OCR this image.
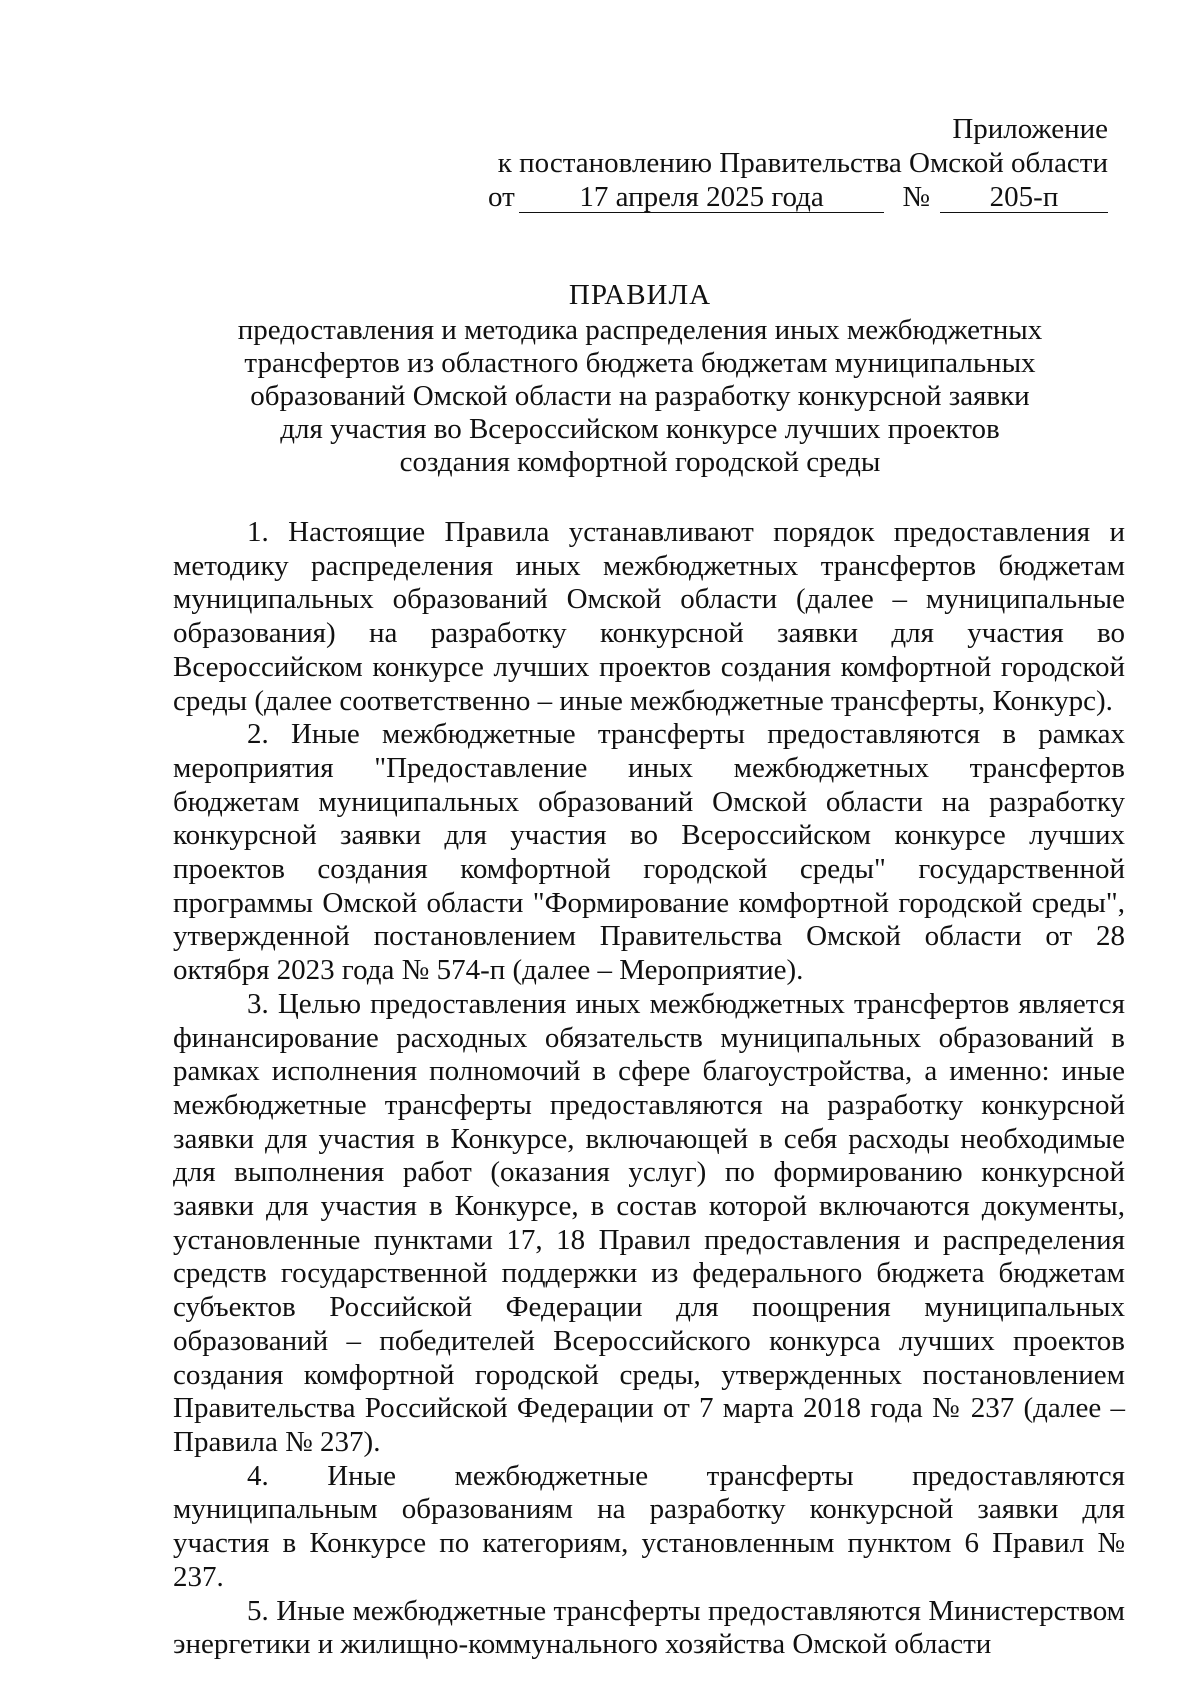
Приложение
к постановлению Правительства Омской области
от	17 апреля 2025 года	№	205-п
ПРАВИЛА
предоставления и методика распределения иных межбюджетных
трансфертов из областного бюджета бюджетам муниципальных
образований Омской области на разработку конкурсной заявки
для участия во Всероссийском конкурсе лучших проектов
создания комфортной городской среды

1. Настоящие Правила устанавливают порядок предоставления и методику распределения иных межбюджетных трансфертов бюджетам муниципальных образований Омской области (далее – муниципальные образования) на разработку конкурсной заявки для участия во Всероссийском конкурсе лучших проектов создания комфортной городской среды (далее соответственно – иные межбюджетные трансферты, Конкурс).

2. Иные межбюджетные трансферты предоставляются в рамках мероприятия "Предоставление иных межбюджетных трансфертов бюджетам муниципальных образований Омской области на разработку конкурсной заявки для участия во Всероссийском конкурсе лучших проектов создания комфортной городской среды" государственной программы Омской области "Формирование комфортной городской среды", утвержденной постановлением Правительства Омской области от 28 октября 2023 года № 574-п (далее – Мероприятие).

3. Целью предоставления иных межбюджетных трансфертов является финансирование расходных обязательств муниципальных образований в рамках исполнения полномочий в сфере благоустройства, а именно: иные межбюджетные трансферты предоставляются на разработку конкурсной заявки для участия в Конкурсе, включающей в себя расходы необходимые для выполнения работ (оказания услуг) по формированию конкурсной заявки для участия в Конкурсе, в состав которой включаются документы, установленные пунктами 17, 18 Правил предоставления и распределения средств государственной поддержки из федерального бюджета бюджетам субъектов Российской Федерации для поощрения муниципальных образований – победителей Всероссийского конкурса лучших проектов создания комфортной городской среды, утвержденных постановлением Правительства Российской Федерации от 7 марта 2018 года № 237 (далее – Правила № 237).

4. Иные межбюджетные трансферты предоставляются муниципальным образованиям на разработку конкурсной заявки для участия в Конкурсе по категориям, установленным пунктом 6 Правил № 237.

5. Иные межбюджетные трансферты предоставляются Министерством энергетики и жилищно-коммунального хозяйства Омской области
